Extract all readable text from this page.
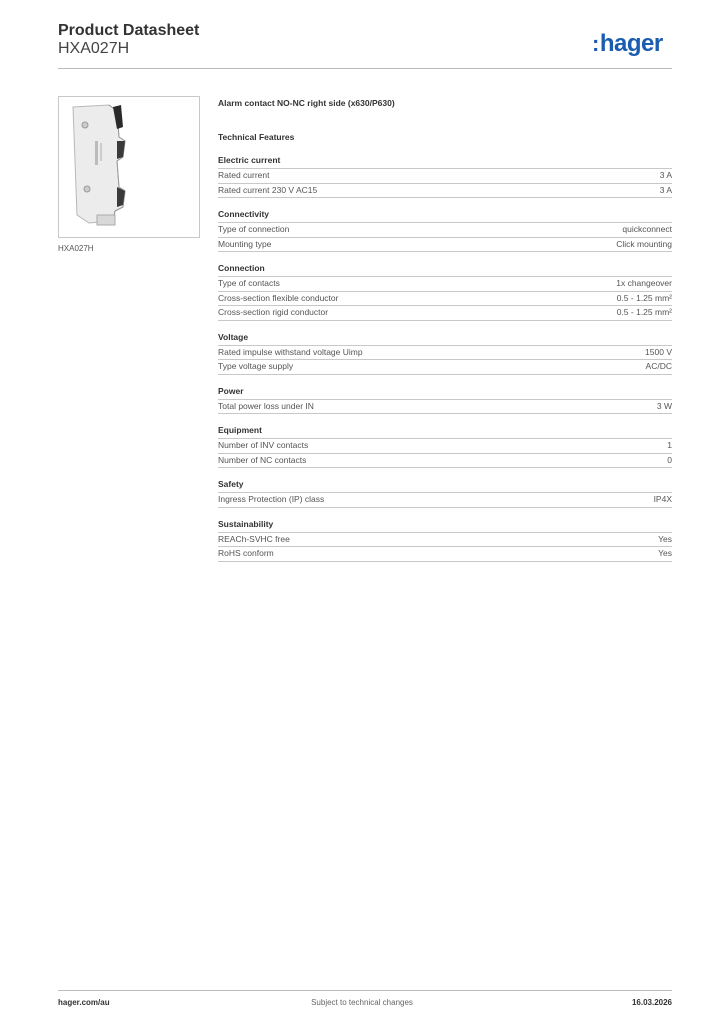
Product Datasheet
HXA027H	:hager
HXA027H
Alarm contact NO-NC right side (x630/P630)
Technical Features
Electric current
Rated current	3 A
Rated current 230 V AC15	3 A
Connectivity
Type of connection	quickconnect
Mounting type	Click mounting
Connection
Type of contacts	1x changeover
Cross-section flexible conductor	0.5 - 1.25 mm²
Cross-section rigid conductor	0.5 - 1.25 mm²
Voltage
Rated impulse withstand voltage Uimp	1500 V
Type voltage supply	AC/DC
Power
Total power loss under IN	3 W
Equipment
Number of INV contacts	1
Number of NC contacts	0
Safety
Ingress Protection (IP) class	IP4X
Sustainability
REACh-SVHC free	Yes
RoHS conform	Yes
hager.com/au	Subject to technical changes	16.03.2026
